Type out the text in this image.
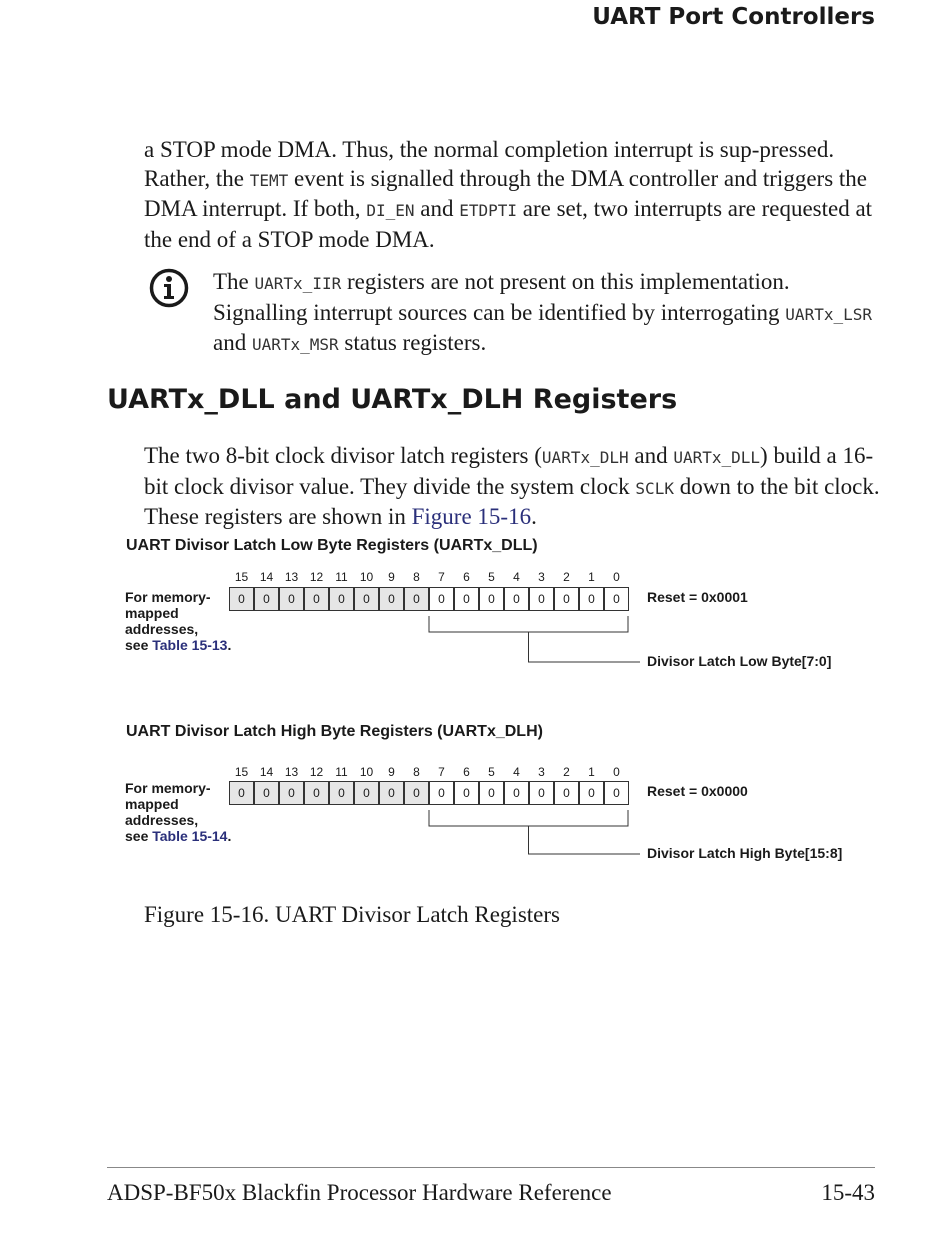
UART Port Controllers
a STOP mode DMA. Thus, the normal completion interrupt is sup-pressed. Rather, the TEMT event is signalled through the DMA controller and triggers the DMA interrupt. If both, DI_EN and ETDPTI are set, two interrupts are requested at the end of a STOP mode DMA.
The UARTx_IIR registers are not present on this implementation. Signalling interrupt sources can be identified by interrogating UARTx_LSR and UARTx_MSR status registers.
UARTx_DLL and UARTx_DLH Registers
The two 8-bit clock divisor latch registers (UARTx_DLH and UARTx_DLL) build a 16-bit clock divisor value. They divide the system clock SCLK down to the bit clock. These registers are shown in Figure 15-16.
UART Divisor Latch Low Byte Registers (UARTx_DLL)
15 14 13 12	11	10	9	8	7	6	5	4	3	2	1	0
0	0	0	0	0	0	0	0	0	0	0	0	0	0	0	0
For memory-
mapped
addresses,
see Table 15-13.
Reset = 0x0001
Divisor Latch Low Byte[7:0]
UART Divisor Latch High Byte Registers (UARTx_DLH)
15 14 13 12	11	10	9	8	7	6	5	4	3	2	1	0
0	0	0	0	0	0	0	0	0	0	0	0	0	0	0	0
For memory-
mapped
addresses,
see Table 15-14.
Reset = 0x0000
Divisor Latch High Byte[15:8]
Figure 15-16. UART Divisor Latch Registers
ADSP-BF50x Blackfin Processor Hardware Reference	15-43
